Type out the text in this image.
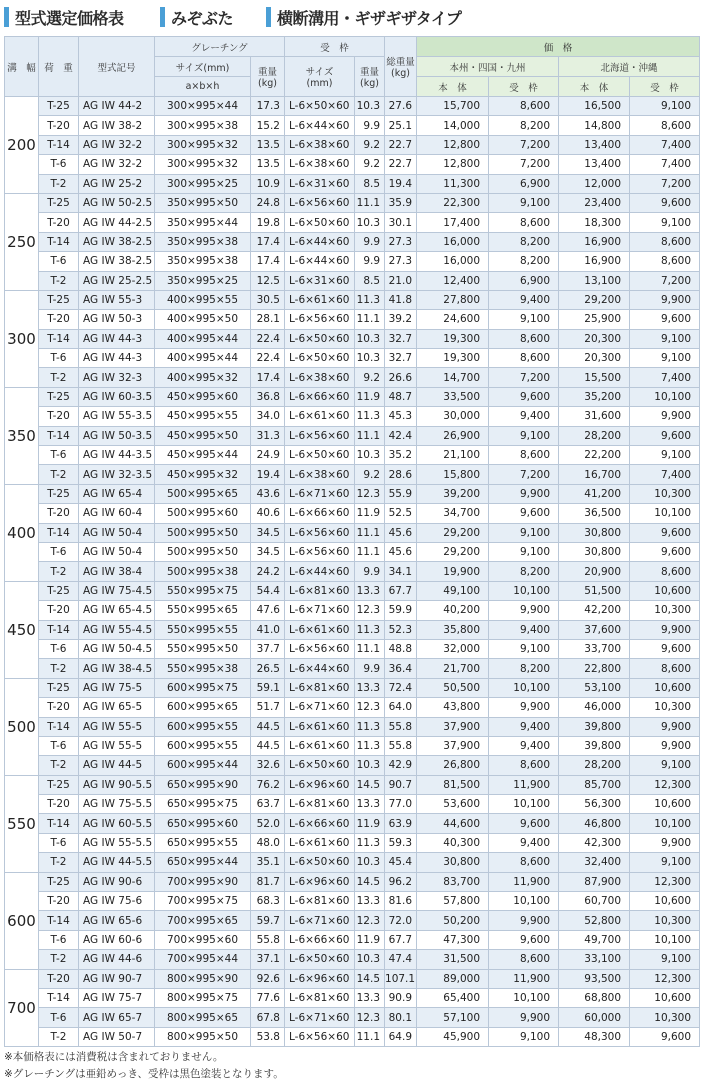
型式選定価格表	みぞぶた	横断溝用・ギザギザタイプ
溝　幅	荷　重	型式記号	グレーチング		受　枠		総重量
(kg)	価　格			
			サイズ(mm)	重量
(kg)	サイズ
(mm)	重量
(kg)		本州・四国・九州		北海道・沖縄	
			a×b×h					本　体	受　枠	本　体	受　枠
200	T-25	AG IW 44-2	300×995×44	17.3	L-6×50×60	10.3	27.6	15,700	8,600	16,500	9,100
	T-20	AG IW 38-2	300×995×38	15.2	L-6×44×60	9.9	25.1	14,000	8,200	14,800	8,600
	T-14	AG IW 32-2	300×995×32	13.5	L-6×38×60	9.2	22.7	12,800	7,200	13,400	7,400
	T-6	AG IW 32-2	300×995×32	13.5	L-6×38×60	9.2	22.7	12,800	7,200	13,400	7,400
	T-2	AG IW 25-2	300×995×25	10.9	L-6×31×60	8.5	19.4	11,300	6,900	12,000	7,200
250	T-25	AG IW 50-2.5	350×995×50	24.8	L-6×56×60	11.1	35.9	22,300	9,100	23,400	9,600
	T-20	AG IW 44-2.5	350×995×44	19.8	L-6×50×60	10.3	30.1	17,400	8,600	18,300	9,100
	T-14	AG IW 38-2.5	350×995×38	17.4	L-6×44×60	9.9	27.3	16,000	8,200	16,900	8,600
	T-6	AG IW 38-2.5	350×995×38	17.4	L-6×44×60	9.9	27.3	16,000	8,200	16,900	8,600
	T-2	AG IW 25-2.5	350×995×25	12.5	L-6×31×60	8.5	21.0	12,400	6,900	13,100	7,200
300	T-25	AG IW 55-3	400×995×55	30.5	L-6×61×60	11.3	41.8	27,800	9,400	29,200	9,900
	T-20	AG IW 50-3	400×995×50	28.1	L-6×56×60	11.1	39.2	24,600	9,100	25,900	9,600
	T-14	AG IW 44-3	400×995×44	22.4	L-6×50×60	10.3	32.7	19,300	8,600	20,300	9,100
	T-6	AG IW 44-3	400×995×44	22.4	L-6×50×60	10.3	32.7	19,300	8,600	20,300	9,100
	T-2	AG IW 32-3	400×995×32	17.4	L-6×38×60	9.2	26.6	14,700	7,200	15,500	7,400
350	T-25	AG IW 60-3.5	450×995×60	36.8	L-6×66×60	11.9	48.7	33,500	9,600	35,200	10,100
	T-20	AG IW 55-3.5	450×995×55	34.0	L-6×61×60	11.3	45.3	30,000	9,400	31,600	9,900
	T-14	AG IW 50-3.5	450×995×50	31.3	L-6×56×60	11.1	42.4	26,900	9,100	28,200	9,600
	T-6	AG IW 44-3.5	450×995×44	24.9	L-6×50×60	10.3	35.2	21,100	8,600	22,200	9,100
	T-2	AG IW 32-3.5	450×995×32	19.4	L-6×38×60	9.2	28.6	15,800	7,200	16,700	7,400
400	T-25	AG IW 65-4	500×995×65	43.6	L-6×71×60	12.3	55.9	39,200	9,900	41,200	10,300
	T-20	AG IW 60-4	500×995×60	40.6	L-6×66×60	11.9	52.5	34,700	9,600	36,500	10,100
	T-14	AG IW 50-4	500×995×50	34.5	L-6×56×60	11.1	45.6	29,200	9,100	30,800	9,600
	T-6	AG IW 50-4	500×995×50	34.5	L-6×56×60	11.1	45.6	29,200	9,100	30,800	9,600
	T-2	AG IW 38-4	500×995×38	24.2	L-6×44×60	9.9	34.1	19,900	8,200	20,900	8,600
450	T-25	AG IW 75-4.5	550×995×75	54.4	L-6×81×60	13.3	67.7	49,100	10,100	51,500	10,600
	T-20	AG IW 65-4.5	550×995×65	47.6	L-6×71×60	12.3	59.9	40,200	9,900	42,200	10,300
	T-14	AG IW 55-4.5	550×995×55	41.0	L-6×61×60	11.3	52.3	35,800	9,400	37,600	9,900
	T-6	AG IW 50-4.5	550×995×50	37.7	L-6×56×60	11.1	48.8	32,000	9,100	33,700	9,600
	T-2	AG IW 38-4.5	550×995×38	26.5	L-6×44×60	9.9	36.4	21,700	8,200	22,800	8,600
500	T-25	AG IW 75-5	600×995×75	59.1	L-6×81×60	13.3	72.4	50,500	10,100	53,100	10,600
	T-20	AG IW 65-5	600×995×65	51.7	L-6×71×60	12.3	64.0	43,800	9,900	46,000	10,300
	T-14	AG IW 55-5	600×995×55	44.5	L-6×61×60	11.3	55.8	37,900	9,400	39,800	9,900
	T-6	AG IW 55-5	600×995×55	44.5	L-6×61×60	11.3	55.8	37,900	9,400	39,800	9,900
	T-2	AG IW 44-5	600×995×44	32.6	L-6×50×60	10.3	42.9	26,800	8,600	28,200	9,100
550	T-25	AG IW 90-5.5	650×995×90	76.2	L-6×96×60	14.5	90.7	81,500	11,900	85,700	12,300
	T-20	AG IW 75-5.5	650×995×75	63.7	L-6×81×60	13.3	77.0	53,600	10,100	56,300	10,600
	T-14	AG IW 60-5.5	650×995×60	52.0	L-6×66×60	11.9	63.9	44,600	9,600	46,800	10,100
	T-6	AG IW 55-5.5	650×995×55	48.0	L-6×61×60	11.3	59.3	40,300	9,400	42,300	9,900
	T-2	AG IW 44-5.5	650×995×44	35.1	L-6×50×60	10.3	45.4	30,800	8,600	32,400	9,100
600	T-25	AG IW 90-6	700×995×90	81.7	L-6×96×60	14.5	96.2	83,700	11,900	87,900	12,300
	T-20	AG IW 75-6	700×995×75	68.3	L-6×81×60	13.3	81.6	57,800	10,100	60,700	10,600
	T-14	AG IW 65-6	700×995×65	59.7	L-6×71×60	12.3	72.0	50,200	9,900	52,800	10,300
	T-6	AG IW 60-6	700×995×60	55.8	L-6×66×60	11.9	67.7	47,300	9,600	49,700	10,100
	T-2	AG IW 44-6	700×995×44	37.1	L-6×50×60	10.3	47.4	31,500	8,600	33,100	9,100
700	T-20	AG IW 90-7	800×995×90	92.6	L-6×96×60	14.5	107.1	89,000	11,900	93,500	12,300
	T-14	AG IW 75-7	800×995×75	77.6	L-6×81×60	13.3	90.9	65,400	10,100	68,800	10,600
	T-6	AG IW 65-7	800×995×65	67.8	L-6×71×60	12.3	80.1	57,100	9,900	60,000	10,300
	T-2	AG IW 50-7	800×995×50	53.8	L-6×56×60	11.1	64.9	45,900	9,100	48,300	9,600
※本価格表には消費税は含まれておりません。
※グレーチングは亜鉛めっき、受枠は黒色塗装となります。
